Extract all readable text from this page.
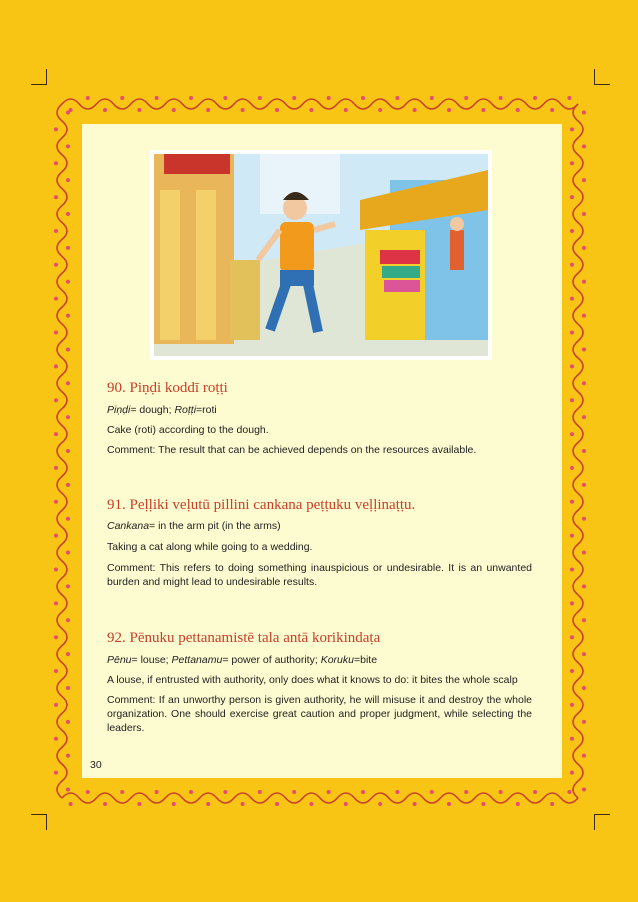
90. Piṇḍi koddī roṭṭi
Piṇḍi= dough; Roṭṭi=roti
Cake (roti) according to the dough.
Comment: The result that can be achieved depends on the resources available.
91. Peḷḷiki veḷutū pillini cankana peṭṭuku veḷḷinaṭṭu.
Cankana= in the arm pit (in the arms)
Taking a cat along while going to a wedding.
Comment: This refers to doing something inauspicious or undesirable. It is an unwanted burden and might lead to undesirable results.
92. Pēnuku pettanamistē tala antā korikindaṭa
Pēnu= louse; Pettanamu= power of authority; Koruku=bite
A louse, if entrusted with authority, only does what it knows to do: it bites the whole scalp
Comment: If an unworthy person is given authority, he will misuse it and destroy the whole organization. One should exercise great caution and proper judgment, while selecting the leaders.
30
